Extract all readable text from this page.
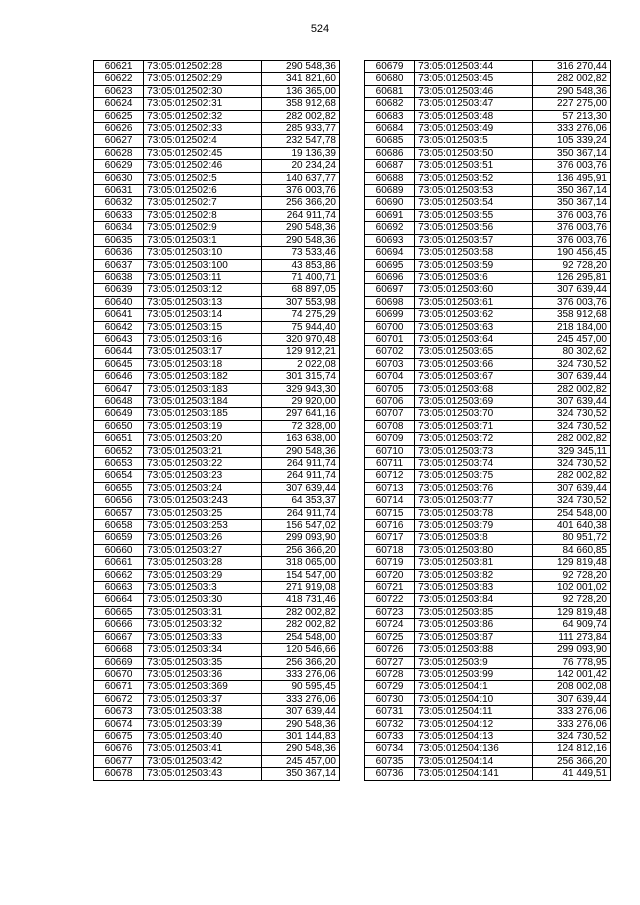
524
60621	73:05:012502:28	290 548,36
60622	73:05:012502:29	341 821,60
60623	73:05:012502:30	136 365,00
60624	73:05:012502:31	358 912,68
60625	73:05:012502:32	282 002,82
60626	73:05:012502:33	285 933,77
60627	73:05:012502:4	232 547,78
60628	73:05:012502:45	19 136,39
60629	73:05:012502:46	20 234,24
60630	73:05:012502:5	140 637,77
60631	73:05:012502:6	376 003,76
60632	73:05:012502:7	256 366,20
60633	73:05:012502:8	264 911,74
60634	73:05:012502:9	290 548,36
60635	73:05:012503:1	290 548,36
60636	73:05:012503:10	73 533,46
60637	73:05:012503:100	43 853,86
60638	73:05:012503:11	71 400,71
60639	73:05:012503:12	68 897,05
60640	73:05:012503:13	307 553,98
60641	73:05:012503:14	74 275,29
60642	73:05:012503:15	75 944,40
60643	73:05:012503:16	320 970,48
60644	73:05:012503:17	129 912,21
60645	73:05:012503:18	2 022,08
60646	73:05:012503:182	301 315,74
60647	73:05:012503:183	329 943,30
60648	73:05:012503:184	29 920,00
60649	73:05:012503:185	297 641,16
60650	73:05:012503:19	72 328,00
60651	73:05:012503:20	163 638,00
60652	73:05:012503:21	290 548,36
60653	73:05:012503:22	264 911,74
60654	73:05:012503:23	264 911,74
60655	73:05:012503:24	307 639,44
60656	73:05:012503:243	64 353,37
60657	73:05:012503:25	264 911,74
60658	73:05:012503:253	156 547,02
60659	73:05:012503:26	299 093,90
60660	73:05:012503:27	256 366,20
60661	73:05:012503:28	318 065,00
60662	73:05:012503:29	154 547,00
60663	73:05:012503:3	271 919,08
60664	73:05:012503:30	418 731,46
60665	73:05:012503:31	282 002,82
60666	73:05:012503:32	282 002,82
60667	73:05:012503:33	254 548,00
60668	73:05:012503:34	120 546,66
60669	73:05:012503:35	256 366,20
60670	73:05:012503:36	333 276,06
60671	73:05:012503:369	90 595,45
60672	73:05:012503:37	333 276,06
60673	73:05:012503:38	307 639,44
60674	73:05:012503:39	290 548,36
60675	73:05:012503:40	301 144,83
60676	73:05:012503:41	290 548,36
60677	73:05:012503:42	245 457,00
60678	73:05:012503:43	350 367,14
60679	73:05:012503:44	316 270,44
60680	73:05:012503:45	282 002,82
60681	73:05:012503:46	290 548,36
60682	73:05:012503:47	227 275,00
60683	73:05:012503:48	57 213,30
60684	73:05:012503:49	333 276,06
60685	73:05:012503:5	105 339,24
60686	73:05:012503:50	350 367,14
60687	73:05:012503:51	376 003,76
60688	73:05:012503:52	136 495,91
60689	73:05:012503:53	350 367,14
60690	73:05:012503:54	350 367,14
60691	73:05:012503:55	376 003,76
60692	73:05:012503:56	376 003,76
60693	73:05:012503:57	376 003,76
60694	73:05:012503:58	190 456,45
60695	73:05:012503:59	92 728,20
60696	73:05:012503:6	126 295,81
60697	73:05:012503:60	307 639,44
60698	73:05:012503:61	376 003,76
60699	73:05:012503:62	358 912,68
60700	73:05:012503:63	218 184,00
60701	73:05:012503:64	245 457,00
60702	73:05:012503:65	80 302,62
60703	73:05:012503:66	324 730,52
60704	73:05:012503:67	307 639,44
60705	73:05:012503:68	282 002,82
60706	73:05:012503:69	307 639,44
60707	73:05:012503:70	324 730,52
60708	73:05:012503:71	324 730,52
60709	73:05:012503:72	282 002,82
60710	73:05:012503:73	329 345,11
60711	73:05:012503:74	324 730,52
60712	73:05:012503:75	282 002,82
60713	73:05:012503:76	307 639,44
60714	73:05:012503:77	324 730,52
60715	73:05:012503:78	254 548,00
60716	73:05:012503:79	401 640,38
60717	73:05:012503:8	80 951,72
60718	73:05:012503:80	84 660,85
60719	73:05:012503:81	129 819,48
60720	73:05:012503:82	92 728,20
60721	73:05:012503:83	102 001,02
60722	73:05:012503:84	92 728,20
60723	73:05:012503:85	129 819,48
60724	73:05:012503:86	64 909,74
60725	73:05:012503:87	111 273,84
60726	73:05:012503:88	299 093,90
60727	73:05:012503:9	76 778,95
60728	73:05:012503:99	142 001,42
60729	73:05:012504:1	208 002,08
60730	73:05:012504:10	307 639,44
60731	73:05:012504:11	333 276,06
60732	73:05:012504:12	333 276,06
60733	73:05:012504:13	324 730,52
60734	73:05:012504:136	124 812,16
60735	73:05:012504:14	256 366,20
60736	73:05:012504:141	41 449,51
